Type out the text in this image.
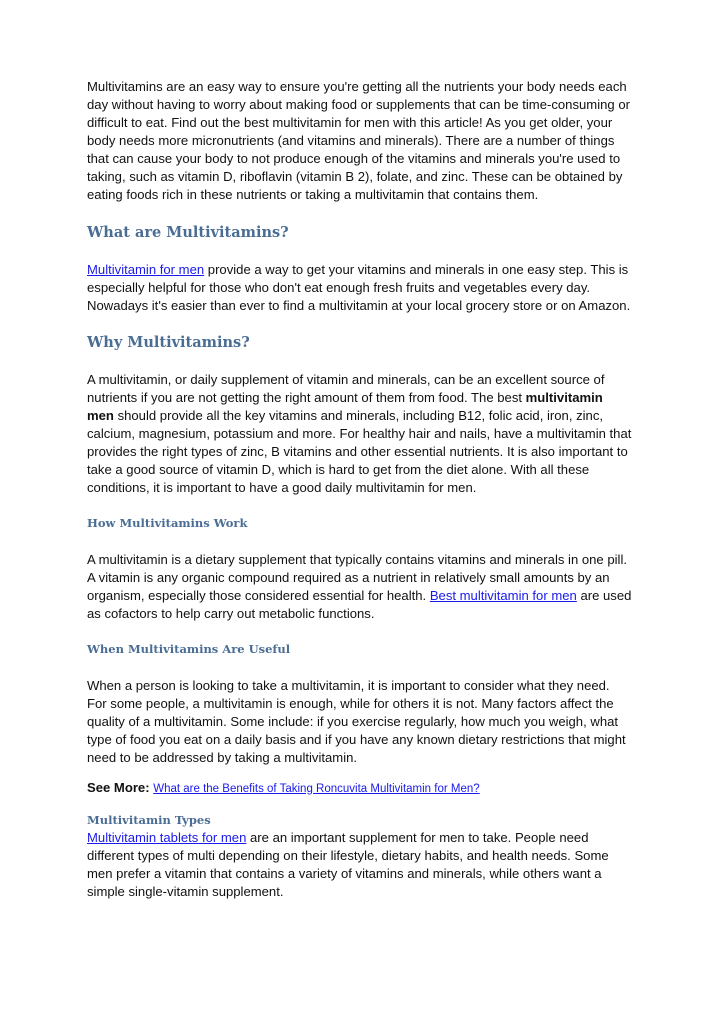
Multivitamins are an easy way to ensure you're getting all the nutrients your body needs each day without having to worry about making food or supplements that can be time-consuming or difficult to eat. Find out the best multivitamin for men with this article! As you get older, your body needs more micronutrients (and vitamins and minerals). There are a number of things that can cause your body to not produce enough of the vitamins and minerals you're used to taking, such as vitamin D, riboflavin (vitamin B 2), folate, and zinc. These can be obtained by eating foods rich in these nutrients or taking a multivitamin that contains them.

What are Multivitamins?

Multivitamin for men provide a way to get your vitamins and minerals in one easy step. This is especially helpful for those who don't eat enough fresh fruits and vegetables every day. Nowadays it's easier than ever to find a multivitamin at your local grocery store or on Amazon.

Why Multivitamins?

A multivitamin, or daily supplement of vitamin and minerals, can be an excellent source of nutrients if you are not getting the right amount of them from food. The best multivitamin men should provide all the key vitamins and minerals, including B12, folic acid, iron, zinc, calcium, magnesium, potassium and more. For healthy hair and nails, have a multivitamin that provides the right types of zinc, B vitamins and other essential nutrients. It is also important to take a good source of vitamin D, which is hard to get from the diet alone. With all these conditions, it is important to have a good daily multivitamin for men.

How Multivitamins Work

A multivitamin is a dietary supplement that typically contains vitamins and minerals in one pill. A vitamin is any organic compound required as a nutrient in relatively small amounts by an organism, especially those considered essential for health. Best multivitamin for men are used as cofactors to help carry out metabolic functions.

When Multivitamins Are Useful

When a person is looking to take a multivitamin, it is important to consider what they need. For some people, a multivitamin is enough, while for others it is not. Many factors affect the quality of a multivitamin. Some include: if you exercise regularly, how much you weigh, what type of food you eat on a daily basis and if you have any known dietary restrictions that might need to be addressed by taking a multivitamin.

See More: What are the Benefits of Taking Roncuvita Multivitamin for Men?

Multivitamin Types

Multivitamin tablets for men are an important supplement for men to take. People need different types of multi depending on their lifestyle, dietary habits, and health needs. Some men prefer a vitamin that contains a variety of vitamins and minerals, while others want a simple single-vitamin supplement.
